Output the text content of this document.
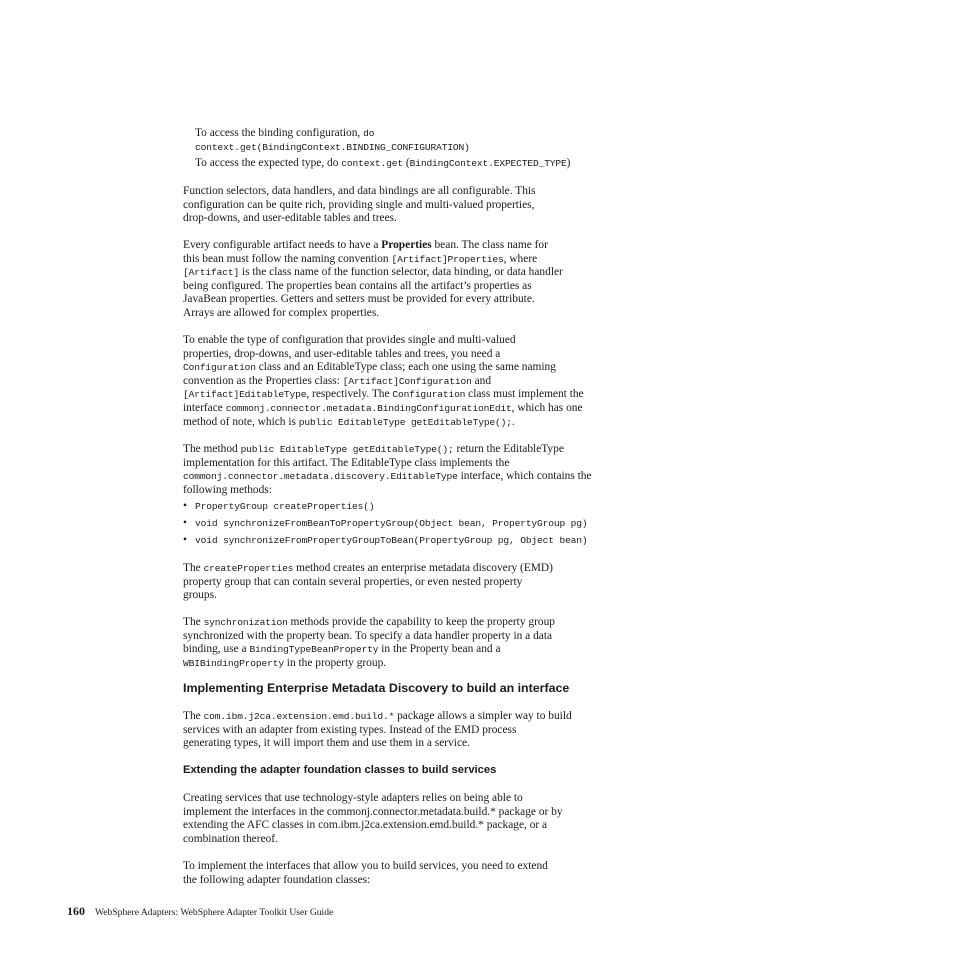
To access the binding configuration, do
context.get(BindingContext.BINDING_CONFIGURATION)
To access the expected type, do context.get (BindingContext.EXPECTED_TYPE)
Function selectors, data handlers, and data bindings are all configurable. This
configuration can be quite rich, providing single and multi-valued properties,
drop-downs, and user-editable tables and trees.
Every configurable artifact needs to have a Properties bean. The class name for
this bean must follow the naming convention [Artifact]Properties, where
[Artifact] is the class name of the function selector, data binding, or data handler
being configured. The properties bean contains all the artifact’s properties as
JavaBean properties. Getters and setters must be provided for every attribute.
Arrays are allowed for complex properties.
To enable the type of configuration that provides single and multi-valued
properties, drop-downs, and user-editable tables and trees, you need a
Configuration class and an EditableType class; each one using the same naming
convention as the Properties class: [Artifact]Configuration and
[Artifact]EditableType, respectively. The Configuration class must implement the
interface commonj.connector.metadata.BindingConfigurationEdit, which has one
method of note, which is public EditableType getEditableType();.
The method public EditableType getEditableType(); return the EditableType
implementation for this artifact. The EditableType class implements the
commonj.connector.metadata.discovery.EditableType interface, which contains the
following methods:
• PropertyGroup createProperties()
• void synchronizeFromBeanToPropertyGroup(Object bean, PropertyGroup pg)
• void synchronizeFromPropertyGroupToBean(PropertyGroup pg, Object bean)
The createProperties method creates an enterprise metadata discovery (EMD)
property group that can contain several properties, or even nested property
groups.
The synchronization methods provide the capability to keep the property group
synchronized with the property bean. To specify a data handler property in a data
binding, use a BindingTypeBeanProperty in the Property bean and a
WBIBindingProperty in the property group.
Implementing Enterprise Metadata Discovery to build an interface
The com.ibm.j2ca.extension.emd.build.* package allows a simpler way to build
services with an adapter from existing types. Instead of the EMD process
generating types, it will import them and use them in a service.
Extending the adapter foundation classes to build services
Creating services that use technology-style adapters relies on being able to
implement the interfaces in the commonj.connector.metadata.build.* package or by
extending the AFC classes in com.ibm.j2ca.extension.emd.build.* package, or a
combination thereof.
To implement the interfaces that allow you to build services, you need to extend
the following adapter foundation classes:
160 WebSphere Adapters: WebSphere Adapter Toolkit User Guide
